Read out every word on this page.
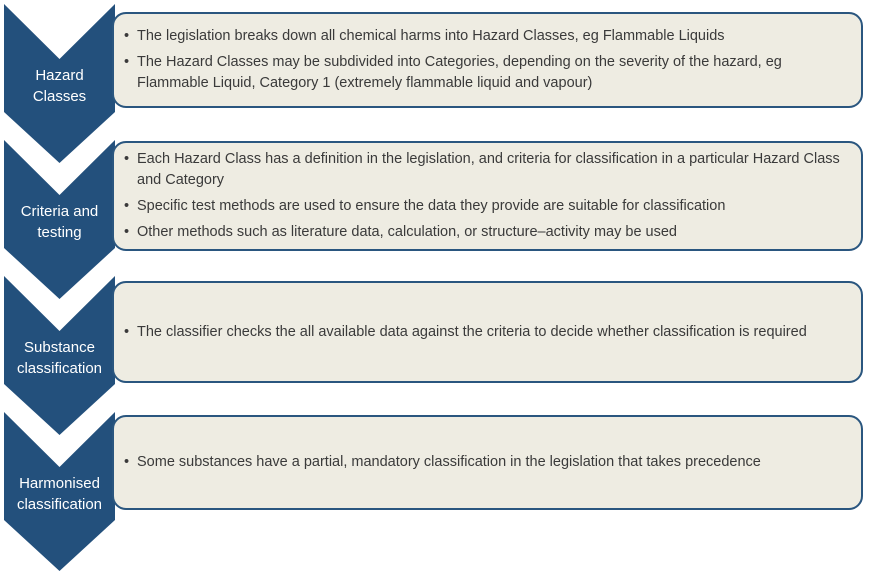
Hazard Classes
• The legislation breaks down all chemical harms into Hazard Classes, eg Flammable Liquids
• The Hazard Classes may be subdivided into Categories, depending on the severity of the hazard, eg Flammable Liquid, Category 1 (extremely flammable liquid and vapour)
Criteria and testing
• Each Hazard Class has a definition in the legislation, and criteria for classification in a particular Hazard Class and Category
• Specific test methods are used to ensure the data they provide are suitable for classification
• Other methods such as literature data, calculation, or structure–activity may be used
Substance classification
• The classifier checks the all available data against the criteria to decide whether classification is required
Harmonised classification
• Some substances have a partial, mandatory classification in the legislation that takes precedence
